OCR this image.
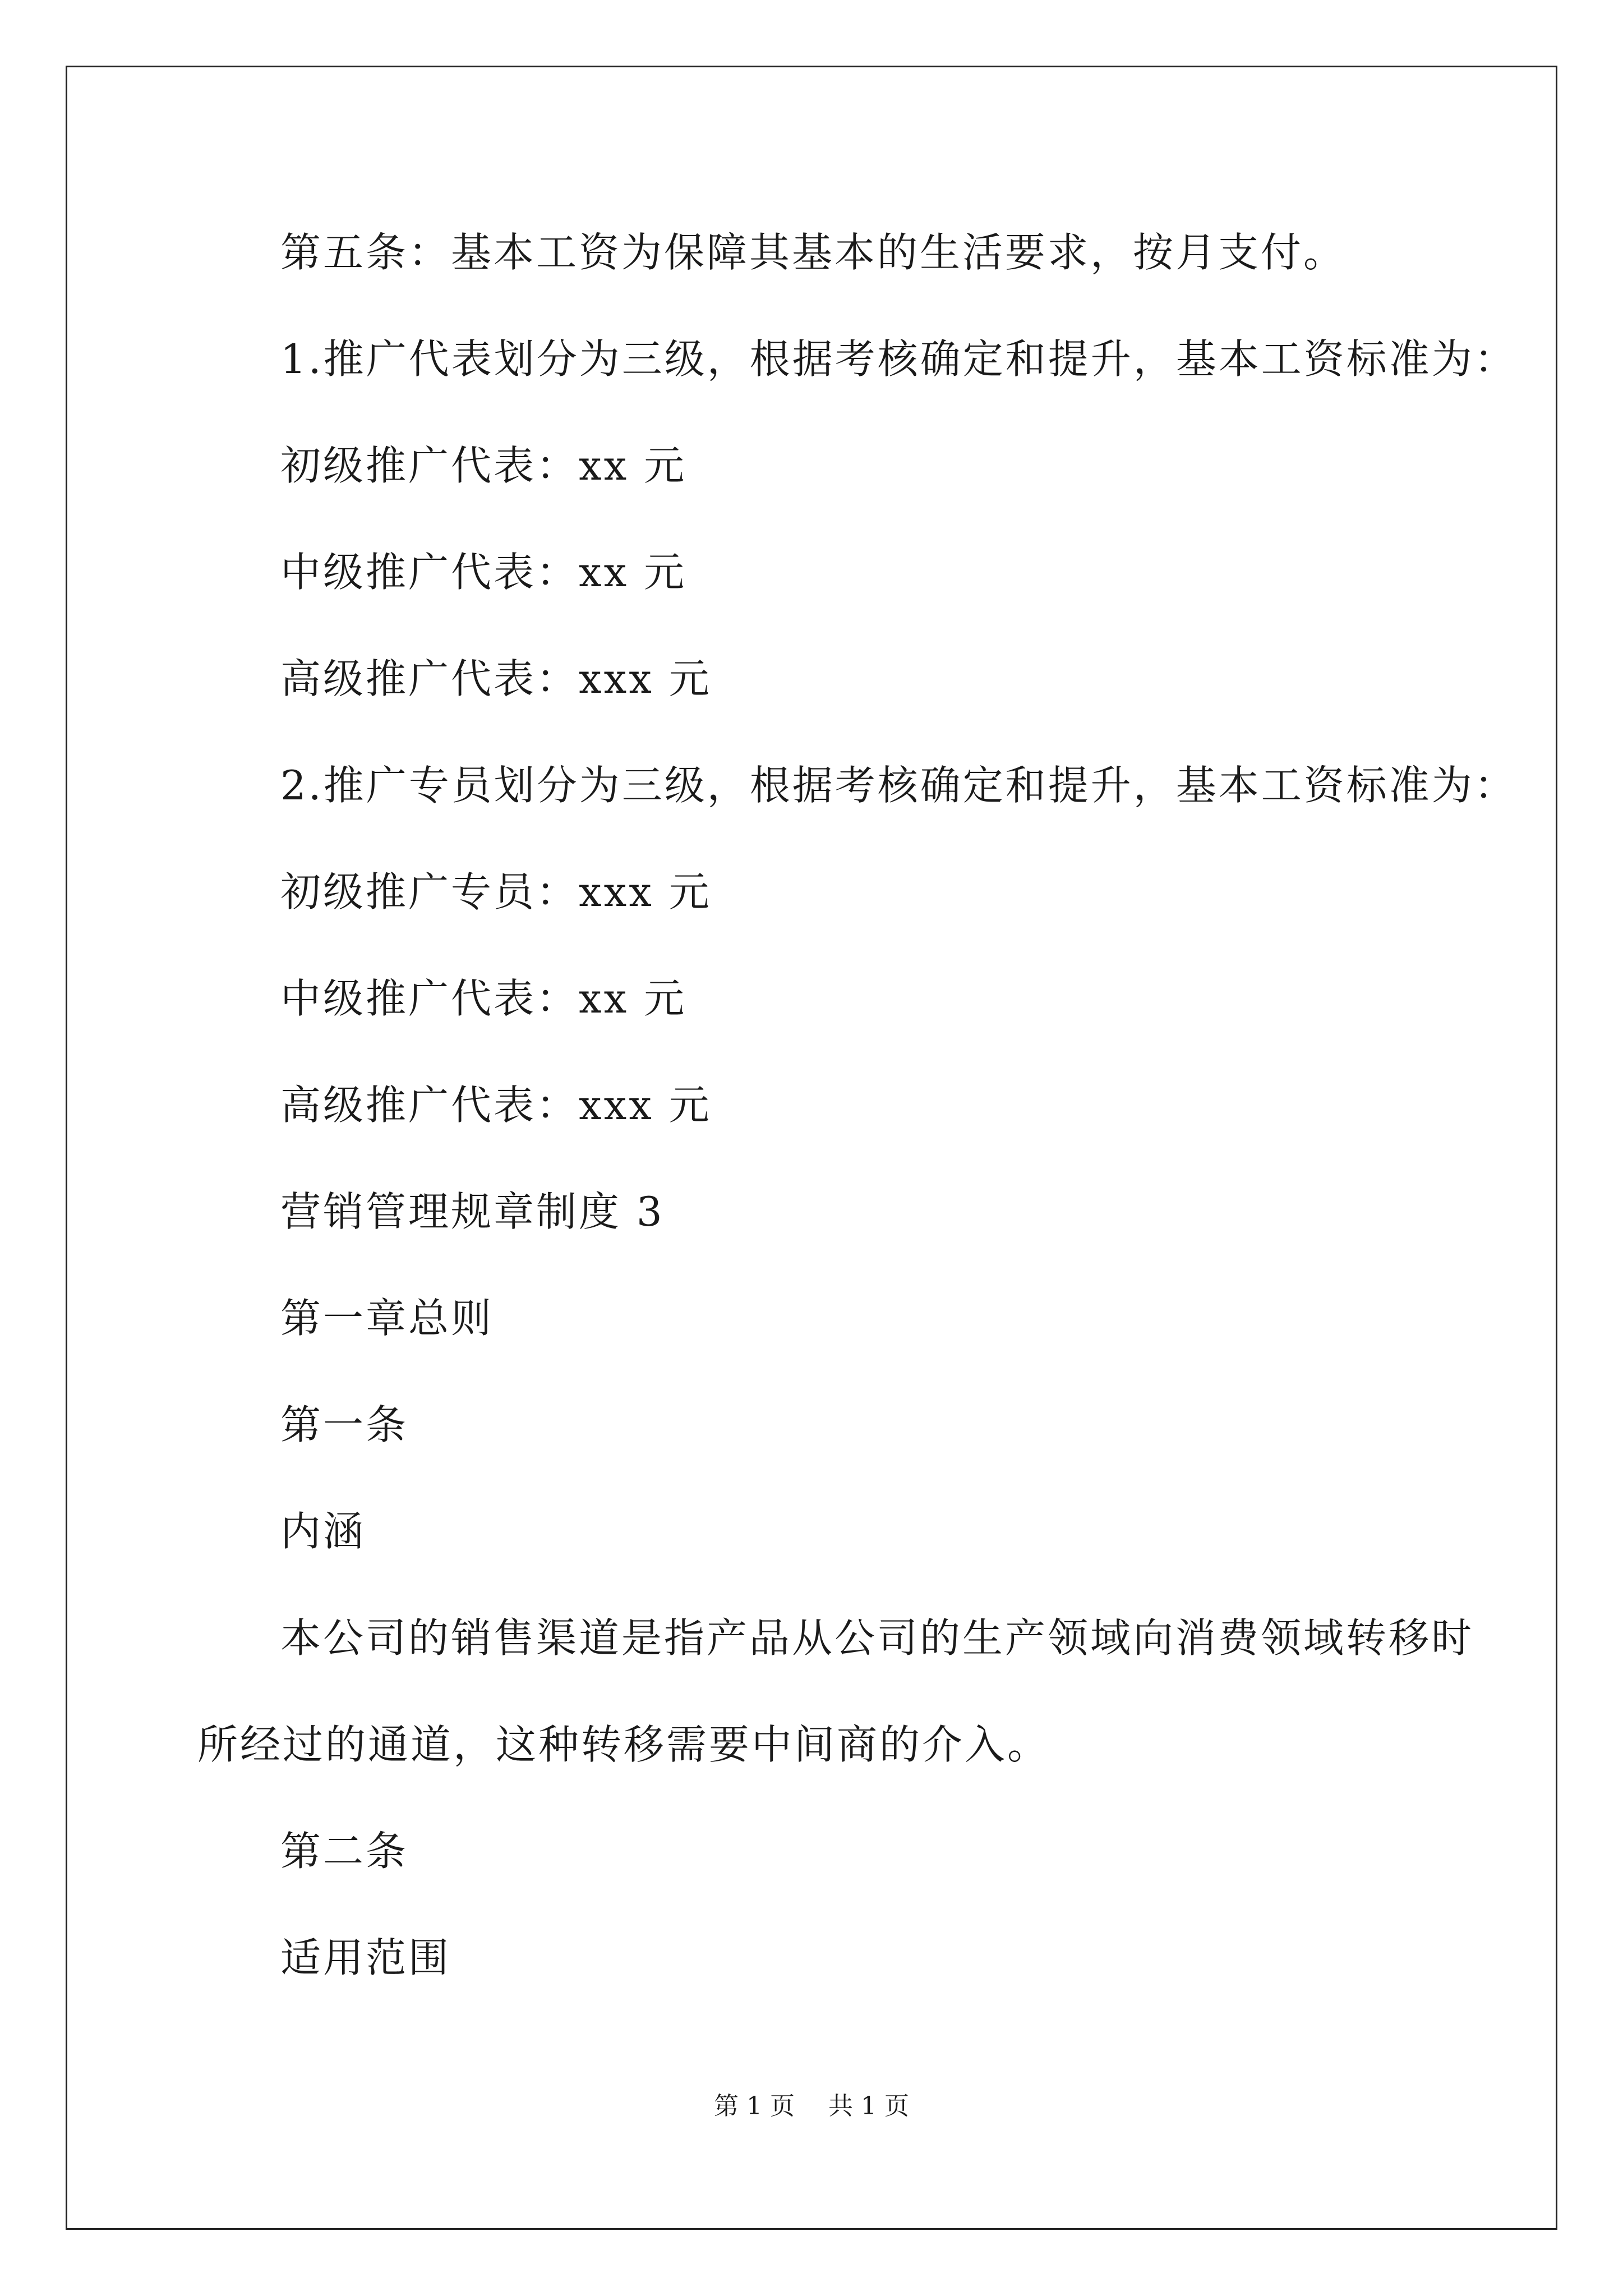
第五条：基本工资为保障其基本的生活要求，按月支付。
1.推广代表划分为三级，根据考核确定和提升，基本工资标准为：
初级推广代表：xx 元
中级推广代表：xx 元
高级推广代表：xxx 元
2.推广专员划分为三级，根据考核确定和提升，基本工资标准为：
初级推广专员：xxx 元
中级推广代表：xx 元
高级推广代表：xxx 元
营销管理规章制度 3
第一章总则
第一条
内涵
本公司的销售渠道是指产品从公司的生产领域向消费领域转移时
所经过的通道，这种转移需要中间商的介入。
第二条
适用范围
第 1 页 共 1 页
